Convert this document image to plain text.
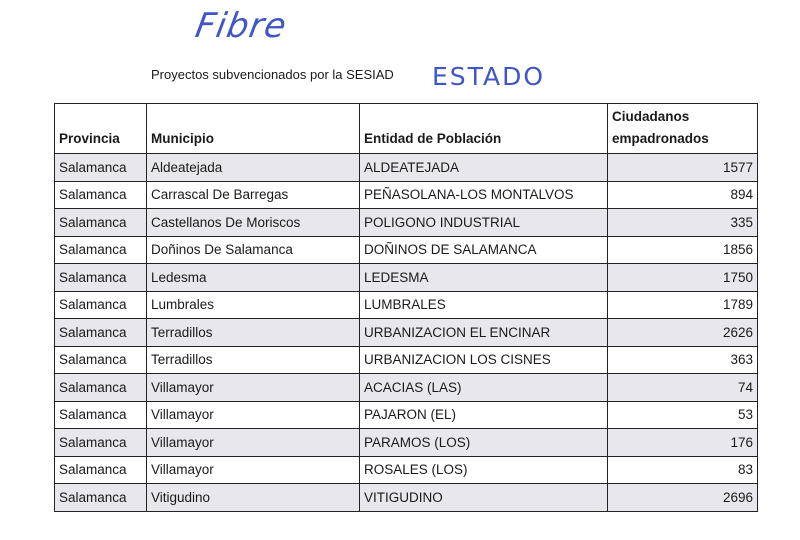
Fibre
ESTADO
Proyectos subvencionados por la SESIAD
Provincia	Municipio	Entidad de Población	Ciudadanos empadronados
Salamanca	Aldeatejada	ALDEATEJADA	1577
Salamanca	Carrascal De Barregas	PEÑASOLANA-LOS MONTALVOS	894
Salamanca	Castellanos De Moriscos	POLIGONO INDUSTRIAL	335
Salamanca	Doñinos De Salamanca	DOÑINOS DE SALAMANCA	1856
Salamanca	Ledesma	LEDESMA	1750
Salamanca	Lumbrales	LUMBRALES	1789
Salamanca	Terradillos	URBANIZACION EL ENCINAR	2626
Salamanca	Terradillos	URBANIZACION LOS CISNES	363
Salamanca	Villamayor	ACACIAS (LAS)	74
Salamanca	Villamayor	PAJARON (EL)	53
Salamanca	Villamayor	PARAMOS (LOS)	176
Salamanca	Villamayor	ROSALES (LOS)	83
Salamanca	Vitigudino	VITIGUDINO	2696
